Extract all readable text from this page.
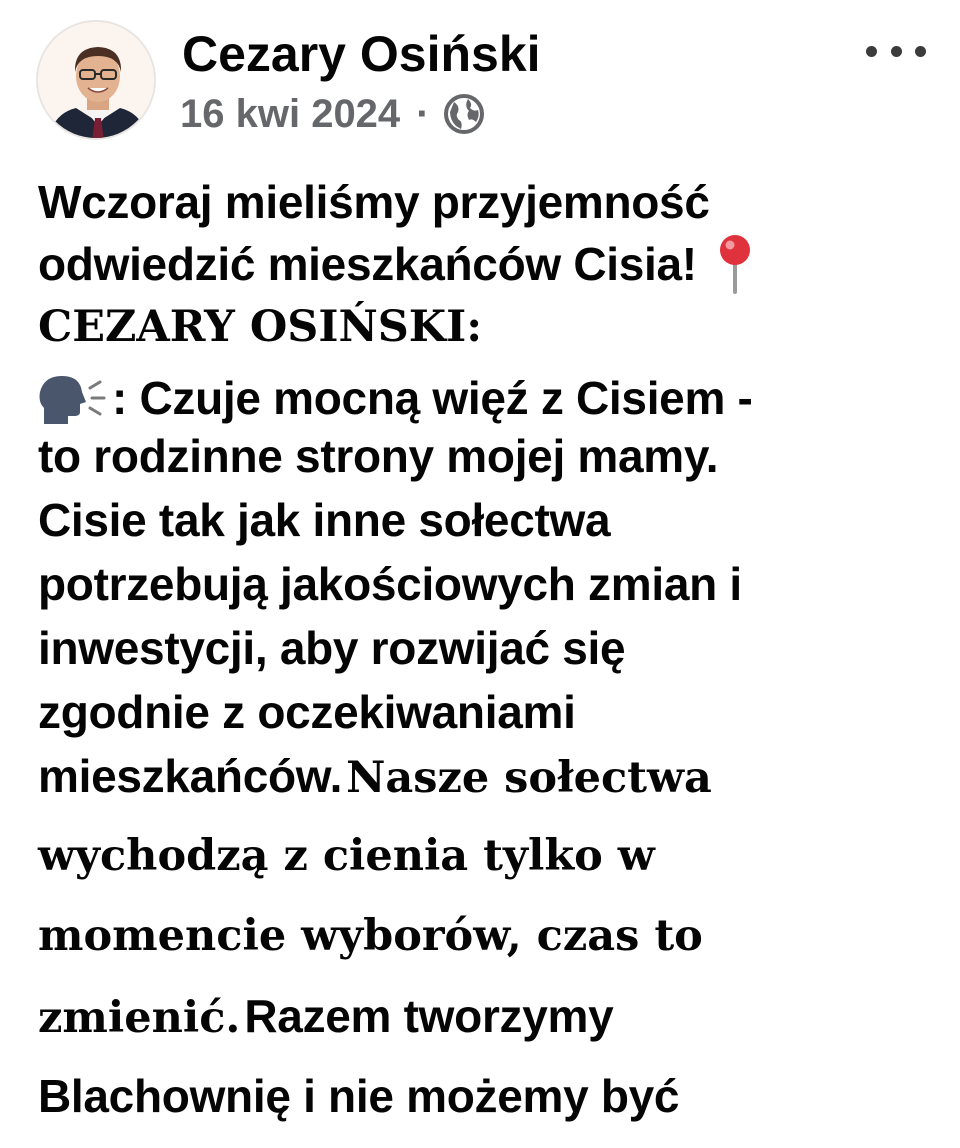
Cezary Osiński
16 kwi 2024 ·
Wczoraj mieliśmy przyjemność
odwiedzić mieszkańców Cisia!
CEZARY OSIŃSKI:
: Czuje mocną więź z Cisiem -
to rodzinne strony mojej mamy.
Cisie tak jak inne sołectwa
potrzebują jakościowych zmian i
inwestycji, aby rozwijać się
zgodnie z oczekiwaniami
mieszkańców. Nasze sołectwa
wychodzą z cienia tylko w
momencie wyborów, czas to
zmienić. Razem tworzymy
Blachownię i nie możemy być
